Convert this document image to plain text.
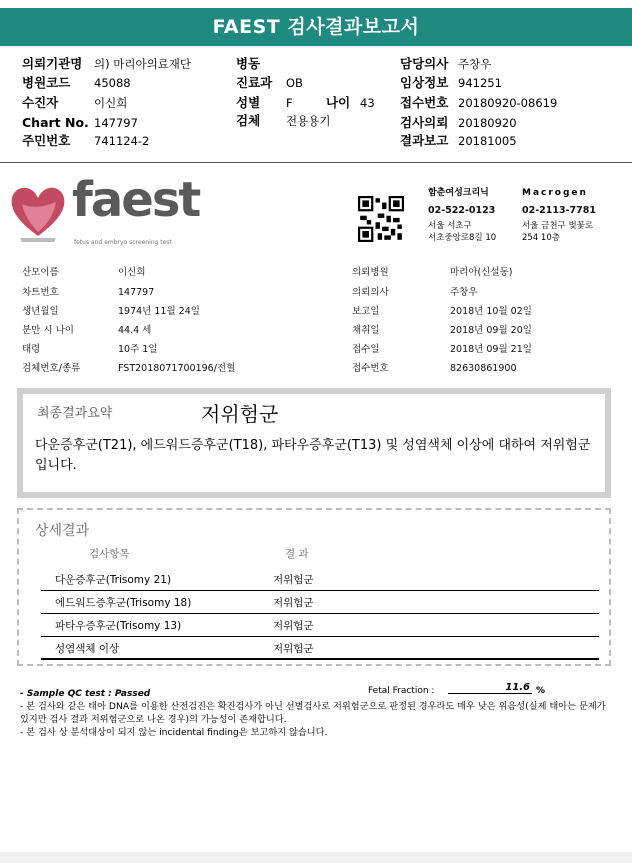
FAEST 검사결과보고서
의뢰기관명 의) 마리아의료재단
병원코드 45088
수진자	이신희
Chart No. 147797
주민번호 741124-2
병동
진료과 OB
성별 F	나이 43
검체 전용용기
담당의사 주창우
임상정보 941251
접수번호 20180920-08619
검사의뢰 20180920
결과보고 20181005
faest
fetus and embryo screening test
함춘여성크리닉
02-522-0123
서울 서초구
서초중앙로8길 10
Macrogen
02-2113-7781
서울 금천구 벚꽃로
254 10층
산모이름	이신희
차트번호	147797
생년월일	1974년 11월 24일
분만 시 나이	44.4 세
태령	10주 1일
검체번호/종류	FST2018071700196/전혈
의뢰병원	마리아(신설동)
의뢰의사	주창우
보고일	2018년 10월 02일
채취일	2018년 09월 20일
접수일	2018년 09월 21일
접수번호	82630861900
최종결과요약	저위험군
다운증후군(T21), 에드워드증후군(T18), 파타우증후군(T13) 및 성염색체 이상에 대하여 저위험군입니다.
상세결과
검사항목	결 과
다운증후군(Trisomy 21)	저위험군
에드워드증후군(Trisomy 18)	저위험군
파타우증후군(Trisomy 13)	저위험군
성염색체 이상	저위험군
- Sample QC test : Passed	Fetal Fraction :	11.6 %
- 본 검사와 같은 태아 DNA를 이용한 산전검진은 확진검사가 아닌 선별검사로 저위험군으로 판정된 경우라도 매우 낮은 위음성(실제 태아는 문제가 있지만 검사 결과 저위험군으로 나온 경우)의 가능성이 존재합니다.
- 본 검사 상 분석대상이 되지 않는 incidental finding은 보고하지 않습니다.
